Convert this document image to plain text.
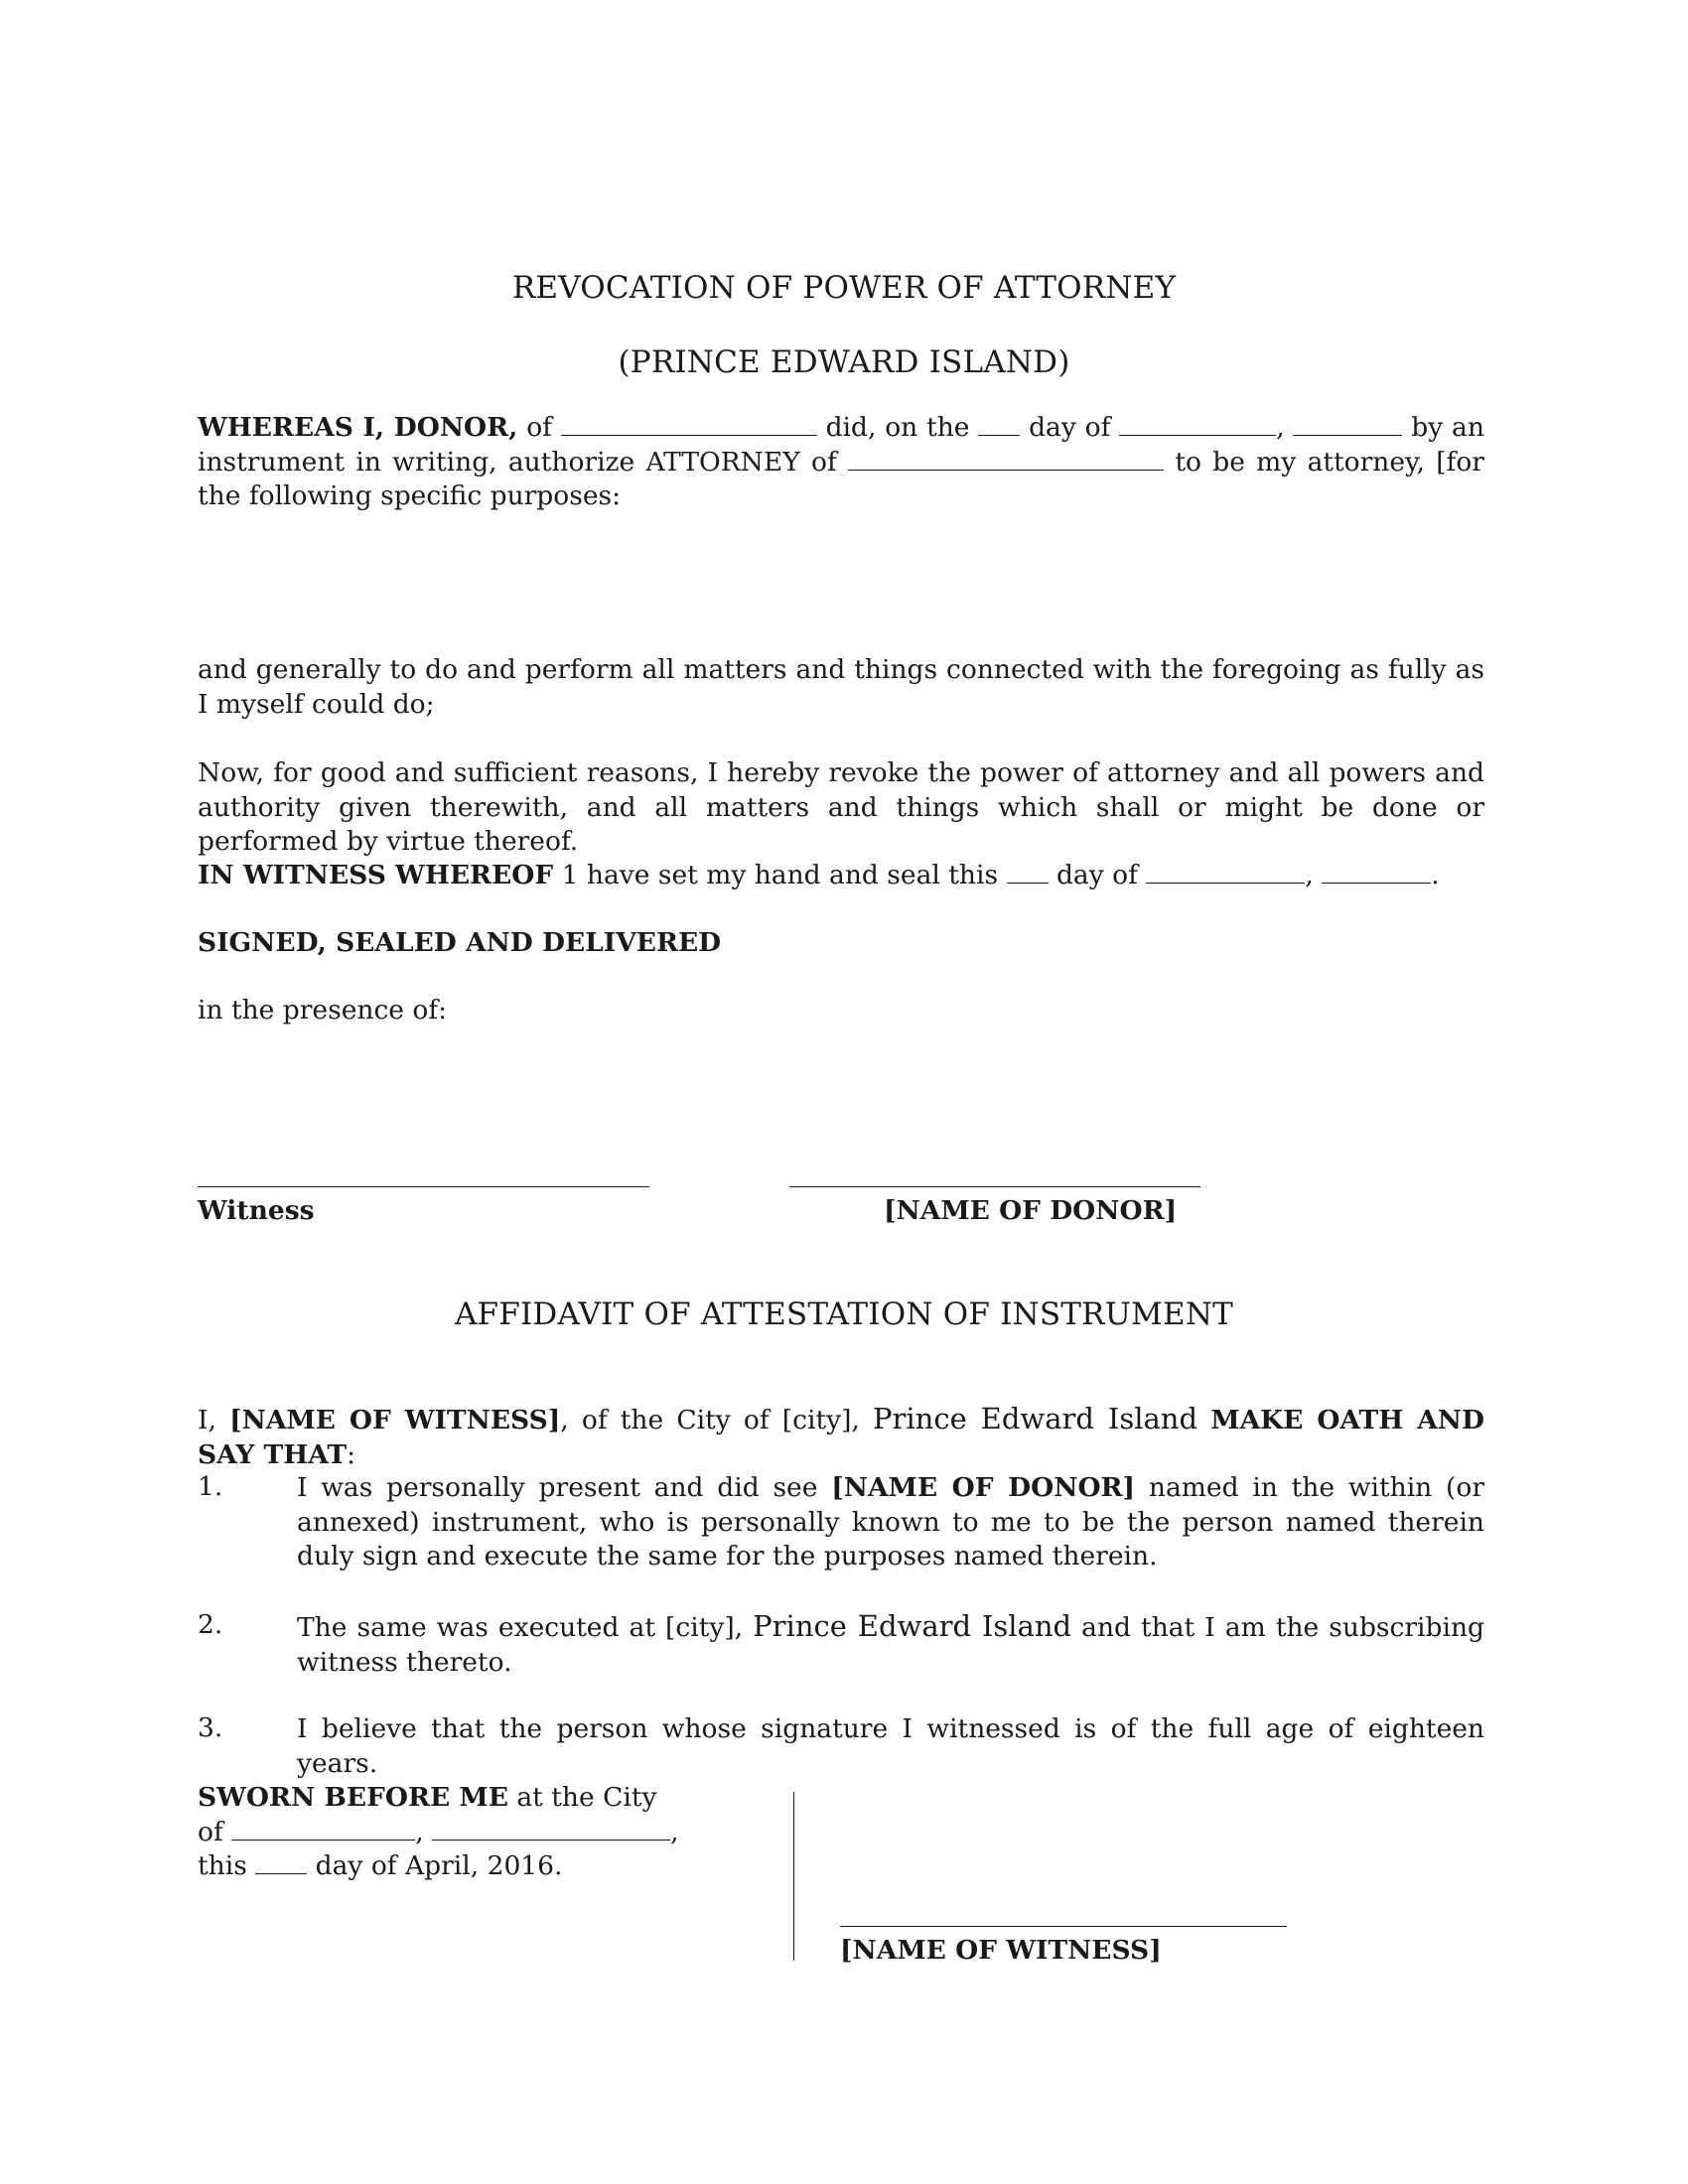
REVOCATION OF POWER OF ATTORNEY
(PRINCE EDWARD ISLAND)
WHEREAS I, DONOR, of	did, on the day of	,	by an instrument in writing, authorize ATTORNEY of	to be my attorney, [for the following specific purposes:
and generally to do and perform all matters and things connected with the foregoing as fully as I myself could do;
Now, for good and sufficient reasons, I hereby revoke the power of attorney and all powers and authority given therewith, and all matters and things which shall or might be done or performed by virtue thereof.
IN WITNESS WHEREOF 1 have set my hand and seal this day of	,	.
SIGNED, SEALED AND DELIVERED
in the presence of:
Witness	[NAME OF DONOR]
AFFIDAVIT OF ATTESTATION OF INSTRUMENT
I, [NAME OF WITNESS], of the City of [city], Prince Edward Island MAKE OATH AND SAY THAT:
1.	I was personally present and did see [NAME OF DONOR] named in the within (or annexed) instrument, who is personally known to me to be the person named therein duly sign and execute the same for the purposes named therein.
2.	The same was executed at [city], Prince Edward Island and that I am the subscribing witness thereto.
3.	I believe that the person whose signature I witnessed is of the full age of eighteen years.
SWORN BEFORE ME at the City
of	,	,
this	day of April, 2016.
[NAME OF WITNESS]
